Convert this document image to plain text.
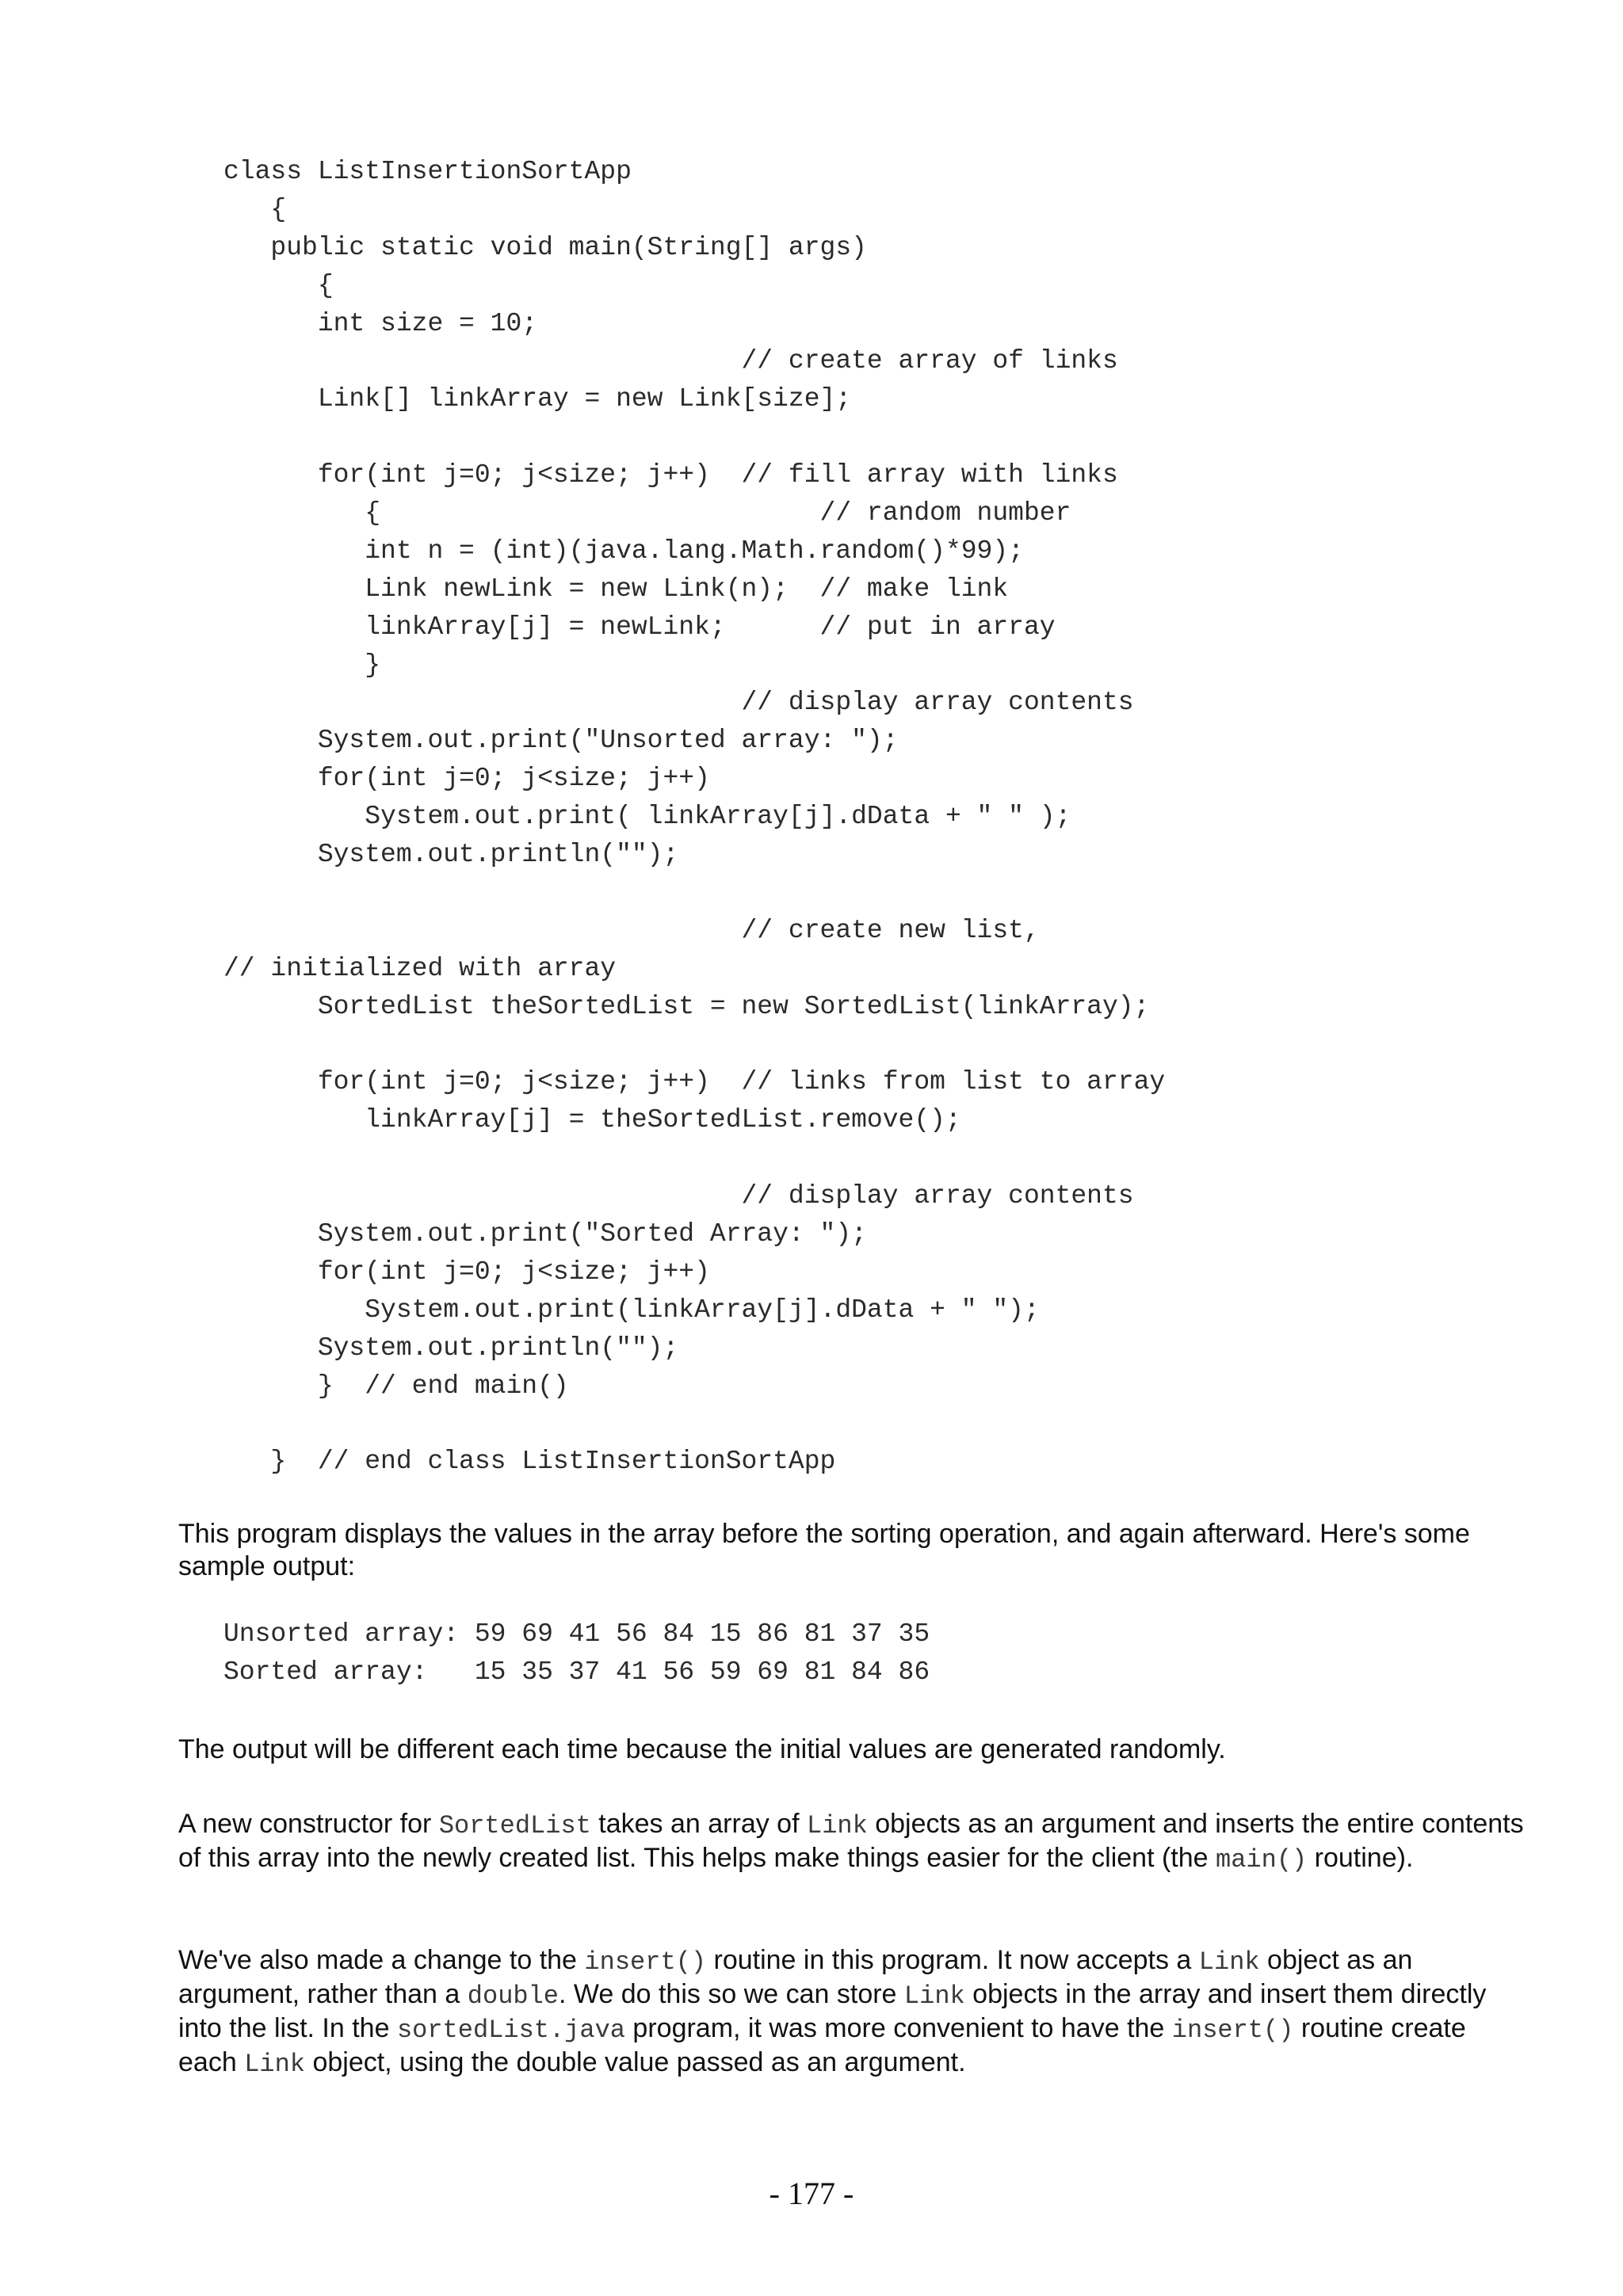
class ListInsertionSortApp
{
public static void main(String[] args)
{
int size = 10;
// create array of links
Link[] linkArray = new Link[size];
for(int j=0; j<size; j++)  // fill array with links
{                            // random number
int n = (int)(java.lang.Math.random()*99);
Link newLink = new Link(n);  // make link
linkArray[j] = newLink;      // put in array
}
// display array contents
System.out.print("Unsorted array: ");
for(int j=0; j<size; j++)
System.out.print( linkArray[j].dData + " " );
System.out.println("");
// create new list,
// initialized with array
SortedList theSortedList = new SortedList(linkArray);
for(int j=0; j<size; j++)  // links from list to array
linkArray[j] = theSortedList.remove();
// display array contents
System.out.print("Sorted Array: ");
for(int j=0; j<size; j++)
System.out.print(linkArray[j].dData + " ");
System.out.println("");
}  // end main()
}  // end class ListInsertionSortApp

This program displays the values in the array before the sorting operation, and again afterward. Here's some sample output:

Unsorted array: 59 69 41 56 84 15 86 81 37 35
Sorted array:   15 35 37 41 56 59 69 81 84 86

The output will be different each time because the initial values are generated randomly.

A new constructor for SortedList takes an array of Link objects as an argument and inserts the entire contents of this array into the newly created list. This helps make things easier for the client (the main() routine).

We've also made a change to the insert() routine in this program. It now accepts a Link object as an argument, rather than a double. We do this so we can store Link objects in the array and insert them directly into the list. In the sortedList.java program, it was more convenient to have the insert() routine create each Link object, using the double value passed as an argument.

- 177 -
